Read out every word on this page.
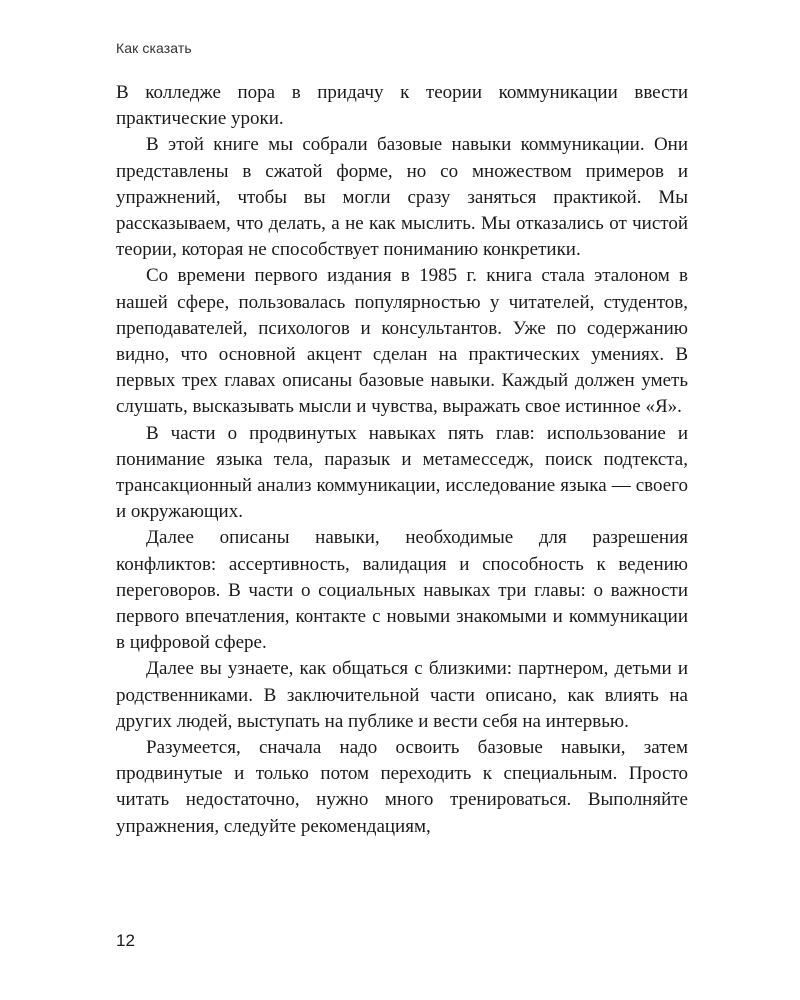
Как сказать

В колледже пора в придачу к теории коммуникации ввести практические уроки.

В этой книге мы собрали базовые навыки коммуникации. Они представлены в сжатой форме, но со множеством примеров и упражнений, чтобы вы могли сразу заняться практикой. Мы рассказываем, что делать, а не как мыслить. Мы отказались от чистой теории, которая не способствует пониманию конкретики.

Со времени первого издания в 1985 г. книга стала эталоном в нашей сфере, пользовалась популярностью у читателей, студентов, преподавателей, психологов и консультантов. Уже по содержанию видно, что основной акцент сделан на практических умениях. В первых трех главах описаны базовые навыки. Каждый должен уметь слушать, высказывать мысли и чувства, выражать свое истинное «Я».

В части о продвинутых навыках пять глав: использование и понимание языка тела, паразык и метамесседж, поиск подтекста, трансакционный анализ коммуникации, исследование языка — своего и окружающих.

Далее описаны навыки, необходимые для разрешения конфликтов: ассертивность, валидация и способность к ведению переговоров. В части о социальных навыках три главы: о важности первого впечатления, контакте с новыми знакомыми и коммуникации в цифровой сфере.

Далее вы узнаете, как общаться с близкими: партнером, детьми и родственниками. В заключительной части описано, как влиять на других людей, выступать на публике и вести себя на интервью.

Разумеется, сначала надо освоить базовые навыки, затем продвинутые и только потом переходить к специальным. Просто читать недостаточно, нужно много тренироваться. Выполняйте упражнения, следуйте рекомендациям,

12
